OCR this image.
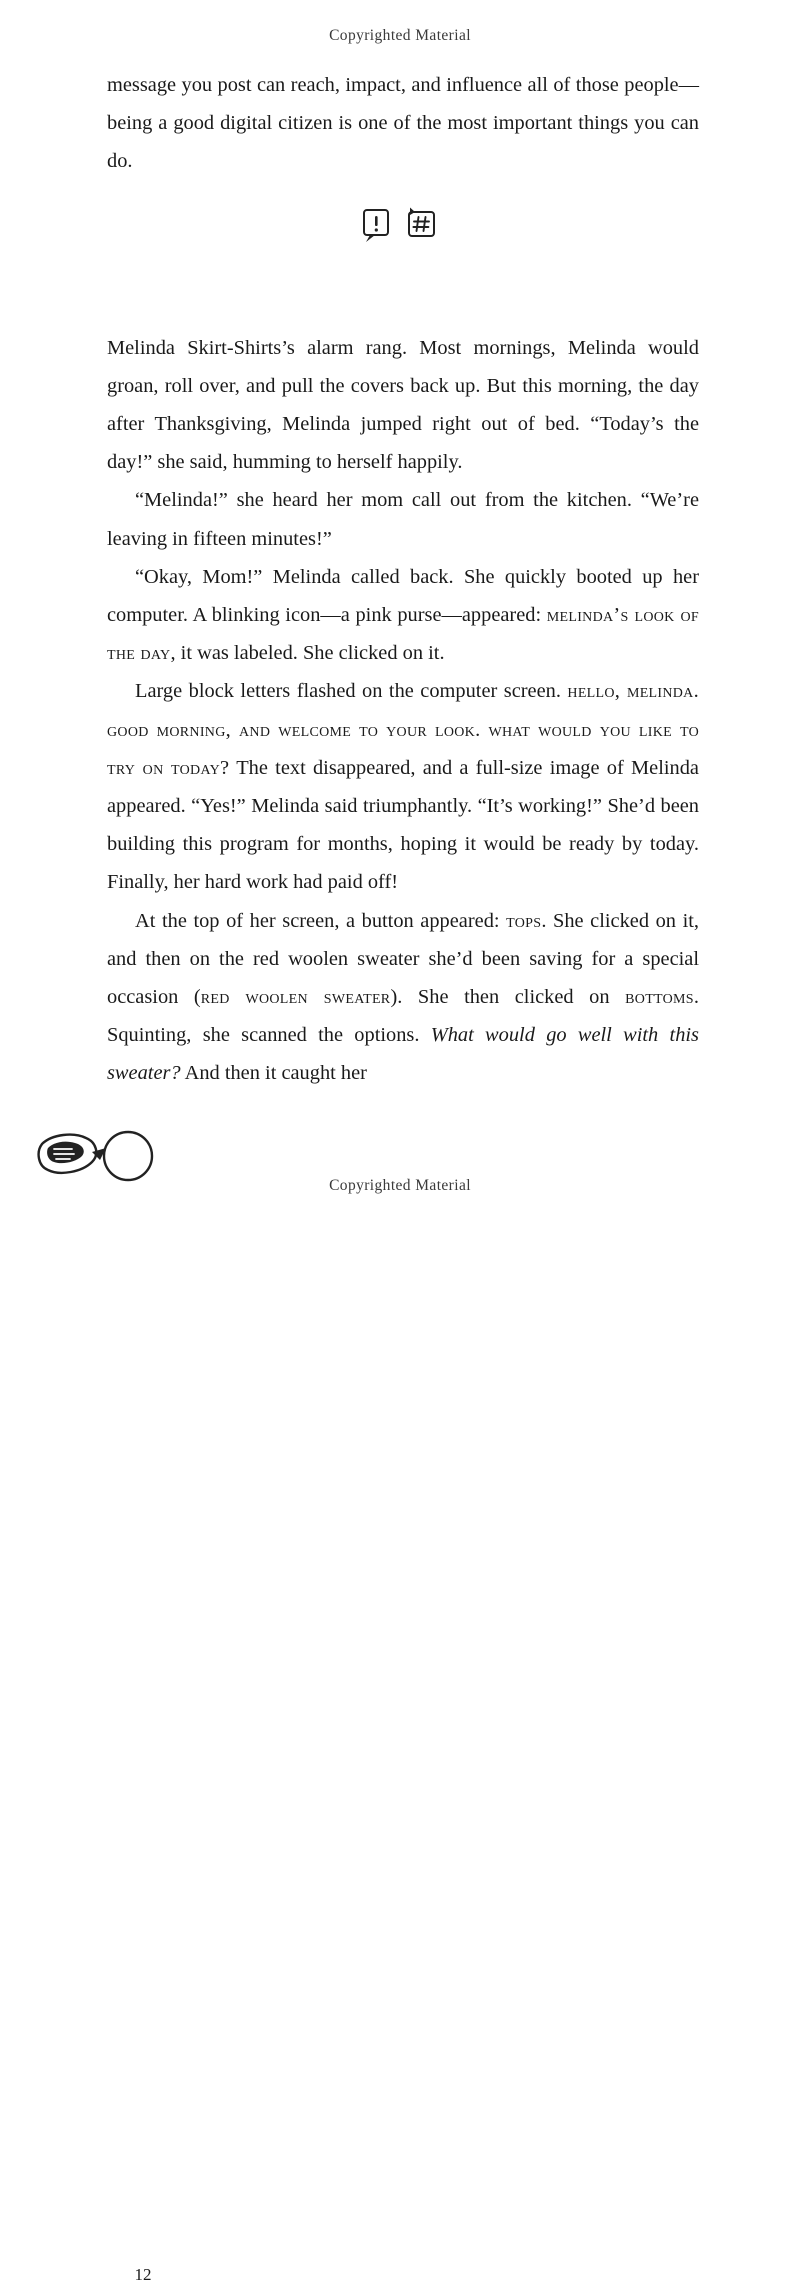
Copyrighted Material

message you post can reach, impact, and influence all of those people—being a good digital citizen is one of the most important things you can do.

Melinda Skirt-Shirts’s alarm rang. Most mornings, Melinda would groan, roll over, and pull the covers back up. But this morning, the day after Thanksgiving, Melinda jumped right out of bed. “Today’s the day!” she said, humming to herself happily.

“Melinda!” she heard her mom call out from the kitchen. “We’re leaving in fifteen minutes!”

“Okay, Mom!” Melinda called back. She quickly booted up her computer. A blinking icon—a pink purse—appeared: melinda’s look of the day, it was labeled. She clicked on it.

Large block letters flashed on the computer screen. hello, melinda. good morning, and welcome to your look. what would you like to try on today? The text disappeared, and a full-size image of Melinda appeared. “Yes!” Melinda said triumphantly. “It’s working!” She’d been building this program for months, hoping it would be ready by today. Finally, her hard work had paid off!

At the top of her screen, a button appeared: tops. She clicked on it, and then on the red woolen sweater she’d been saving for a special occasion (red woolen sweater). She then clicked on bottoms. Squinting, she scanned the options. What would go well with this sweater? And then it caught her

12
Copyrighted Material
